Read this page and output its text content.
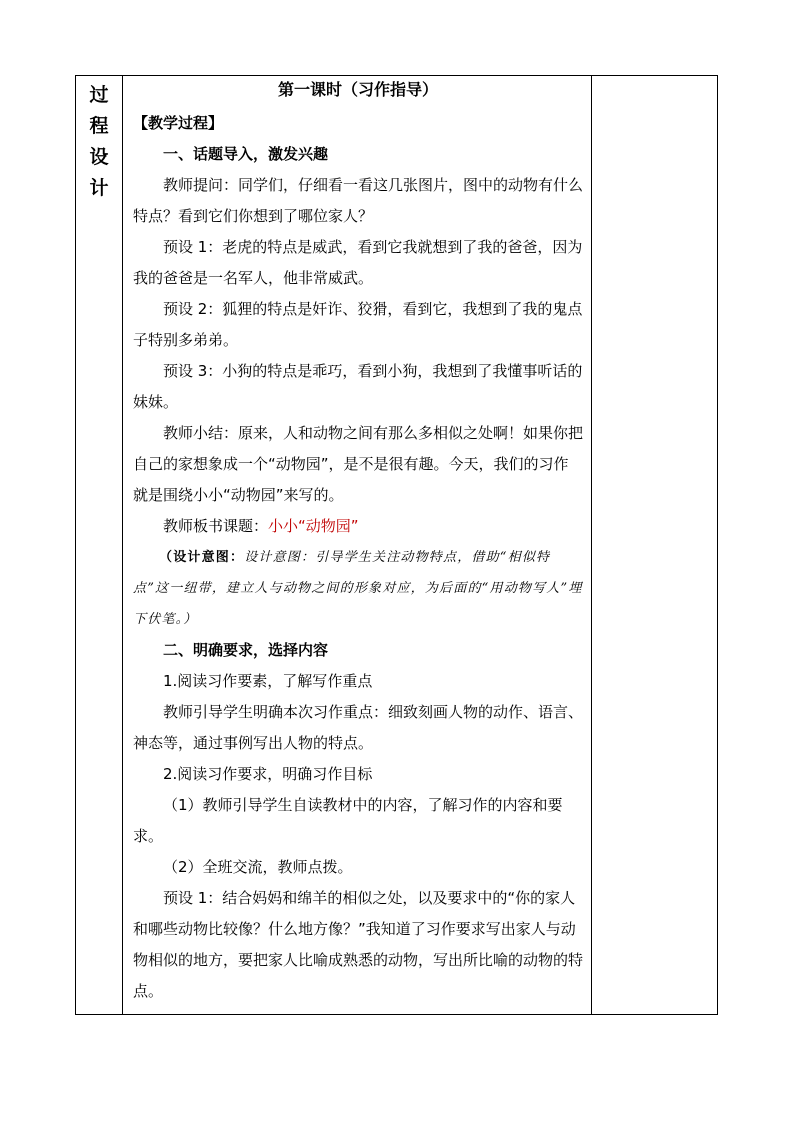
过
程
设
计
第一课时（习作指导）

【教学过程】

一、话题导入，激发兴趣

教师提问：同学们，仔细看一看这几张图片，图中的动物有什么特点？看到它们你想到了哪位家人？

预设 1：老虎的特点是威武，看到它我就想到了我的爸爸，因为我的爸爸是一名军人，他非常威武。

预设 2：狐狸的特点是奸诈、狡猾，看到它，我想到了我的鬼点子特别多弟弟。

预设 3：小狗的特点是乖巧，看到小狗，我想到了我懂事听话的妹妹。

教师小结：原来，人和动物之间有那么多相似之处啊！如果你把自己的家想象成一个“动物园”，是不是很有趣。今天，我们的习作就是围绕小小“动物园”来写的。

教师板书课题：小小“动物园”

（设计意图：设计意图：引导学生关注动物特点，借助“相似特点”这一纽带，建立人与动物之间的形象对应，为后面的“用动物写人”埋下伏笔。）

二、明确要求，选择内容

1.阅读习作要素，了解写作重点

教师引导学生明确本次习作重点：细致刻画人物的动作、语言、神态等，通过事例写出人物的特点。

2.阅读习作要求，明确习作目标

（1）教师引导学生自读教材中的内容，了解习作的内容和要求。

（2）全班交流，教师点拨。

预设 1：结合妈妈和绵羊的相似之处，以及要求中的“你的家人和哪些动物比较像？什么地方像？”我知道了习作要求写出家人与动物相似的地方，要把家人比喻成熟悉的动物，写出所比喻的动物的特点。
